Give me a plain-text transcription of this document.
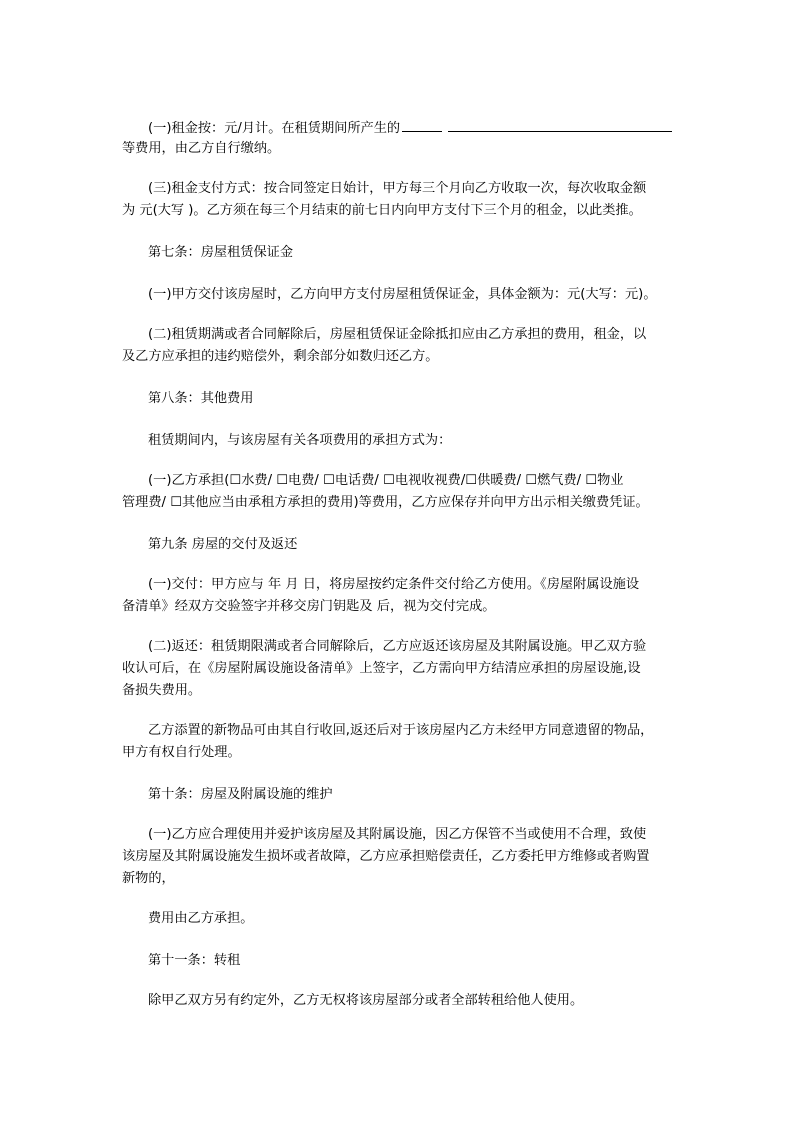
(一)租金按：元/月计。在租赁期间所产生的
等费用，由乙方自行缴纳。
(三)租金支付方式：按合同签定日始计，甲方每三个月向乙方收取一次，每次收取金额
为 元(大写 )。乙方须在每三个月结束的前七日内向甲方支付下三个月的租金，以此类推。
第七条：房屋租赁保证金
(一)甲方交付该房屋时，乙方向甲方支付房屋租赁保证金，具体金额为：元(大写：元)。
(二)租赁期满或者合同解除后，房屋租赁保证金除抵扣应由乙方承担的费用，租金，以
及乙方应承担的违约赔偿外，剩余部分如数归还乙方。
第八条：其他费用
租赁期间内，与该房屋有关各项费用的承担方式为：
(一)乙方承担(☐水费/ ☐电费/ ☐电话费/ ☐电视收视费/☐供暖费/ ☐燃气费/ ☐物业
管理费/ ☐其他应当由承租方承担的费用)等费用，乙方应保存并向甲方出示相关缴费凭证。
第九条 房屋的交付及返还
(一)交付：甲方应与 年 月 日，将房屋按约定条件交付给乙方使用。《房屋附属设施设
备清单》经双方交验签字并移交房门钥匙及 后，视为交付完成。
(二)返还：租赁期限满或者合同解除后，乙方应返还该房屋及其附属设施。甲乙双方验
收认可后，在《房屋附属设施设备清单》上签字，乙方需向甲方结清应承担的房屋设施,设
备损失费用。
乙方添置的新物品可由其自行收回,返还后对于该房屋内乙方未经甲方同意遗留的物品，
甲方有权自行处理。
第十条：房屋及附属设施的维护
(一)乙方应合理使用并爱护该房屋及其附属设施，因乙方保管不当或使用不合理，致使
该房屋及其附属设施发生损坏或者故障，乙方应承担赔偿责任，乙方委托甲方维修或者购置
新物的，
费用由乙方承担。
第十一条：转租
除甲乙双方另有约定外，乙方无权将该房屋部分或者全部转租给他人使用。
